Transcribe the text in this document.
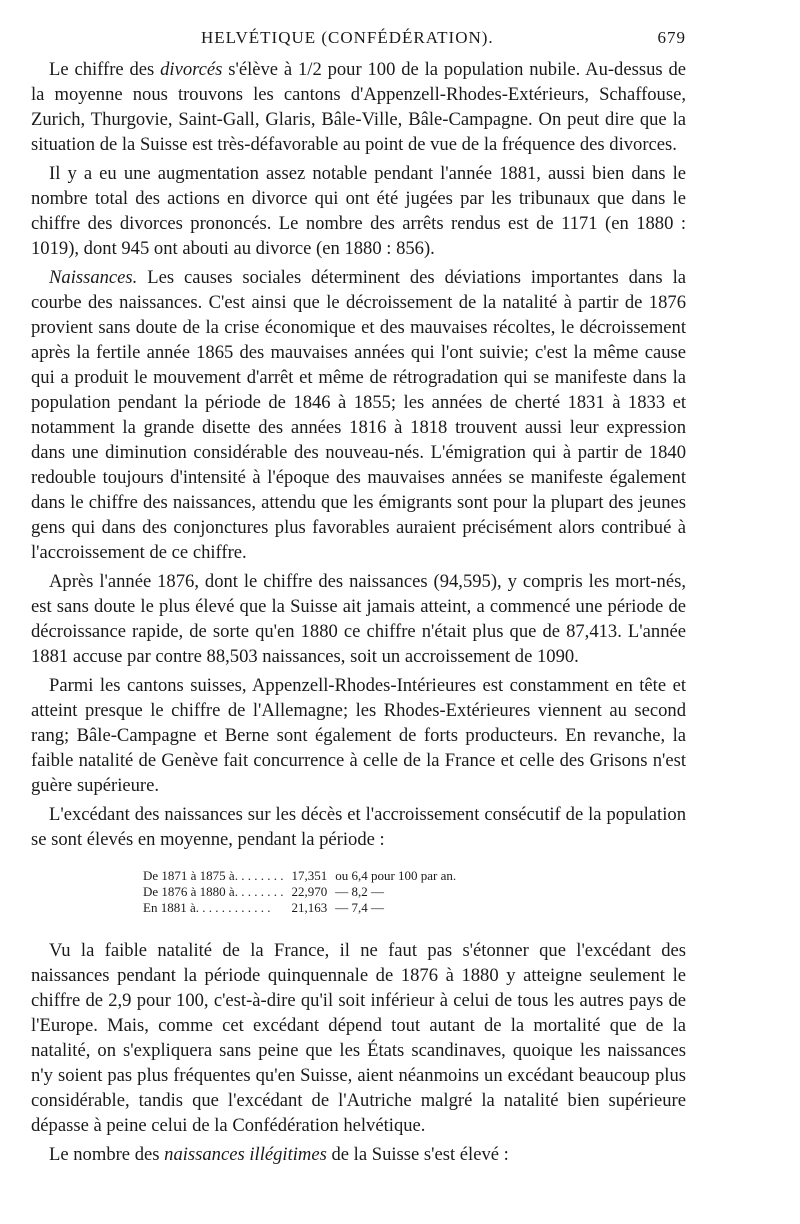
HELVÉTIQUE (CONFÉDÉRATION).	679

Le chiffre des divorcés s'élève à 1/2 pour 100 de la population nubile. Au-dessus de la moyenne nous trouvons les cantons d'Appenzell-Rhodes-Extérieurs, Schaffouse, Zurich, Thurgovie, Saint-Gall, Glaris, Bâle-Ville, Bâle-Campagne. On peut dire que la situation de la Suisse est très-défavorable au point de vue de la fréquence des divorces.

Il y a eu une augmentation assez notable pendant l'année 1881, aussi bien dans le nombre total des actions en divorce qui ont été jugées par les tribunaux que dans le chiffre des divorces prononcés. Le nombre des arrêts rendus est de 1171 (en 1880 : 1019), dont 945 ont abouti au divorce (en 1880 : 856).

Naissances. Les causes sociales déterminent des déviations importantes dans la courbe des naissances. C'est ainsi que le décroissement de la natalité à partir de 1876 provient sans doute de la crise économique et des mauvaises récoltes, le décroissement après la fertile année 1865 des mauvaises années qui l'ont suivie; c'est la même cause qui a produit le mouvement d'arrêt et même de rétrogradation qui se manifeste dans la population pendant la période de 1846 à 1855; les années de cherté 1831 à 1833 et notamment la grande disette des années 1816 à 1818 trouvent aussi leur expression dans une diminution considérable des nouveau-nés. L'émigration qui à partir de 1840 redouble toujours d'intensité à l'époque des mauvaises années se manifeste également dans le chiffre des naissances, attendu que les émigrants sont pour la plupart des jeunes gens qui dans des conjonctures plus favorables auraient précisément alors contribué à l'accroissement de ce chiffre.

Après l'année 1876, dont le chiffre des naissances (94,595), y compris les mort-nés, est sans doute le plus élevé que la Suisse ait jamais atteint, a commencé une période de décroissance rapide, de sorte qu'en 1880 ce chiffre n'était plus que de 87,413. L'année 1881 accuse par contre 88,503 naissances, soit un accroissement de 1090.

Parmi les cantons suisses, Appenzell-Rhodes-Intérieures est constamment en tête et atteint presque le chiffre de l'Allemagne; les Rhodes-Extérieures viennent au second rang; Bâle-Campagne et Berne sont également de forts producteurs. En revanche, la faible natalité de Genève fait concurrence à celle de la France et celle des Grisons n'est guère supérieure.

L'excédant des naissances sur les décès et l'accroissement consécutif de la population se sont élevés en moyenne, pendant la période :

De 1871 à 1875 à. . . . . . . .	17,351	ou 6,4 pour 100 par an.
De 1876 à 1880 à. . . . . . . .	22,970	— 8,2 —
En 1881 à. . . . . . . . . . . .	21,163	— 7,4 —

Vu la faible natalité de la France, il ne faut pas s'étonner que l'excédant des naissances pendant la période quinquennale de 1876 à 1880 y atteigne seulement le chiffre de 2,9 pour 100, c'est-à-dire qu'il soit inférieur à celui de tous les autres pays de l'Europe. Mais, comme cet excédant dépend tout autant de la mortalité que de la natalité, on s'expliquera sans peine que les États scandinaves, quoique les naissances n'y soient pas plus fréquentes qu'en Suisse, aient néanmoins un excédant beaucoup plus considérable, tandis que l'excédant de l'Autriche malgré la natalité bien supérieure dépasse à peine celui de la Confédération helvétique.

Le nombre des naissances illégitimes de la Suisse s'est élevé :
